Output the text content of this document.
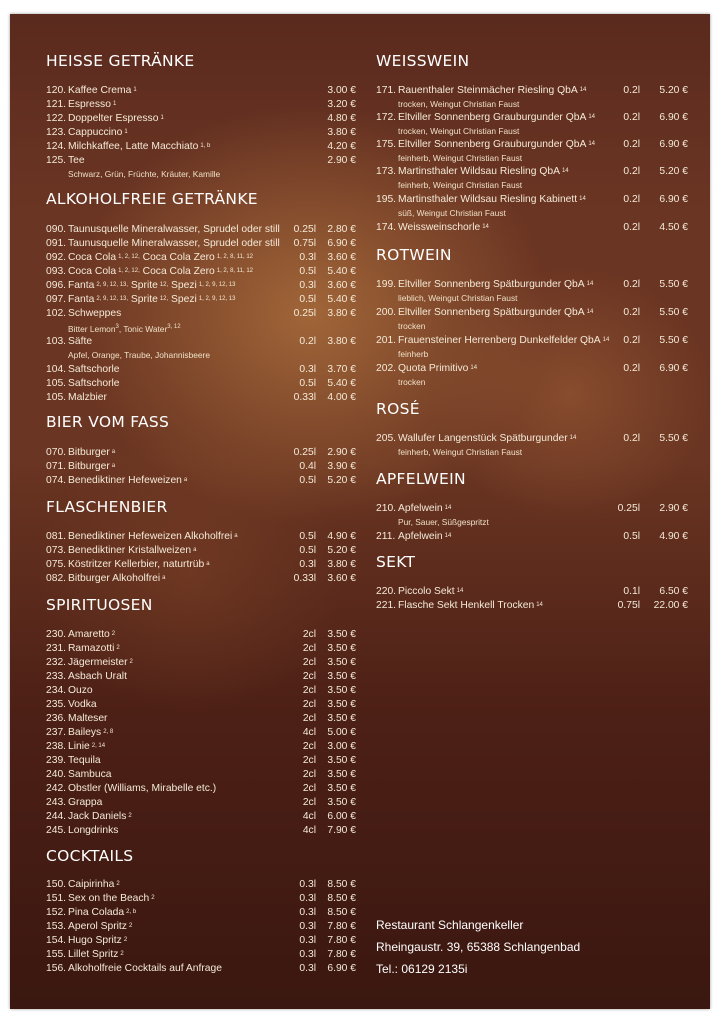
HEISSE GETRÄNKE
120. Kaffee Crema $^1$	3.00 €
121. Espresso $^1$	3.20 €
122. Doppelter Espresso $^1$	4.80 €
123. Cappuccino $^1$	3.80 €
124. Milchkaffee, Latte Macchiato $^{1, b}$	4.20 €
125. Tee	2.90 €
Schwarz, Grün, Früchte, Kräuter, Kamille
ALKOHOLFREIE GETRÄNKE
090. Taunusquelle Mineralwasser, Sprudel oder still	0.25l	2.80 €
091. Taunusquelle Mineralwasser, Sprudel oder still	0.75l	6.90 €
092. Coca Cola $^{1, 2, 12,}$ Coca Cola Zero $^{1, 2, 8, 11, 12}$	0.3l	3.60 €
093. Coca Cola $^{1, 2, 12,}$ Coca Cola Zero $^{1, 2, 8, 11, 12}$	0.5l	5.40 €
096. Fanta $^{2, 9, 12, 13,}$ Sprite $^{12,}$ Spezi $^{1, 2, 9, 12, 13}$	0.3l	3.60 €
097. Fanta $^{2, 9, 12, 13,}$ Sprite $^{12,}$ Spezi $^{1, 2, 9, 12, 13}$	0.5l	5.40 €
102. Schweppes	0.25l	3.80 €
Bitter Lemon$^3$, Tonic Water$^{3, 12}$
103. Säfte	0.2l	3.80 €
Apfel, Orange, Traube, Johannisbeere
104. Saftschorle	0.3l	3.70 €
105. Saftschorle	0.5l	5.40 €
105. Malzbier	0.33l	4.00 €
BIER VOM FASS
070. Bitburger $^a$	0.25l	2.90 €
071. Bitburger $^a$	0.4l	3.90 €
074. Benediktiner Hefeweizen $^a$	0.5l	5.20 €
FLASCHENBIER
081. Benediktiner Hefeweizen Alkoholfrei $^a$	0.5l	4.90 €
073. Benediktiner Kristallweizen $^a$	0.5l	5.20 €
075. Köstritzer Kellerbier, naturtrüb $^a$	0.3l	3.80 €
082. Bitburger Alkoholfrei $^a$	0.33l	3.60 €
SPIRITUOSEN
230. Amaretto $^2$	2cl	3.50 €
231. Ramazotti $^2$	2cl	3.50 €
232. Jägermeister $^2$	2cl	3.50 €
233. Asbach Uralt	2cl	3.50 €
234. Ouzo	2cl	3.50 €
235. Vodka	2cl	3.50 €
236. Malteser	2cl	3.50 €
237. Baileys $^{2, 8}$	4cl	5.00 €
238. Linie $^{2, 14}$	2cl	3.00 €
239. Tequila	2cl	3.50 €
240. Sambuca	2cl	3.50 €
242. Obstler (Williams, Mirabelle etc.)	2cl	3.50 €
243. Grappa	2cl	3.50 €
244. Jack Daniels $^2$	4cl	6.00 €
245. Longdrinks	4cl	7.90 €
COCKTAILS
150. Caipirinha $^2$	0.3l	8.50 €
151. Sex on the Beach $^2$	0.3l	8.50 €
152. Pina Colada $^{2, b}$	0.3l	8.50 €
153. Aperol Spritz $^2$	0.3l	7.80 €
154. Hugo Spritz $^2$	0.3l	7.80 €
155. Lillet Spritz $^2$	0.3l	7.80 €
156. Alkoholfreie Cocktails auf Anfrage	0.3l	6.90 €
WEISSWEIN
171. Rauenthaler Steinmächer Riesling QbA $^{14}$	0.2l	5.20 €
trocken, Weingut Christian Faust
172. Eltviller Sonnenberg Grauburgunder QbA $^{14}$	0.2l	6.90 €
trocken, Weingut Christian Faust
175. Eltviller Sonnenberg Grauburgunder QbA $^{14}$	0.2l	6.90 €
feinherb, Weingut Christian Faust
173. Martinsthaler Wildsau Riesling QbA $^{14}$	0.2l	5.20 €
feinherb, Weingut Christian Faust
195. Martinsthaler Wildsau Riesling Kabinett $^{14}$	0.2l	6.90 €
süß, Weingut Christian Faust
174. Weissweinschorle $^{14}$	0.2l	4.50 €
ROTWEIN
199. Eltviller Sonnenberg Spätburgunder QbA $^{14}$	0.2l	5.50 €
lieblich, Weingut Christian Faust
200. Eltviller Sonnenberg Spätburgunder QbA $^{14}$	0.2l	5.50 €
trocken
201. Frauensteiner Herrenberg Dunkelfelder QbA $^{14}$	0.2l	5.50 €
feinherb
202. Quota Primitivo $^{14}$	0.2l	6.90 €
trocken
ROSÉ
205. Wallufer Langenstück Spätburgunder $^{14}$	0.2l	5.50 €
feinherb, Weingut Christian Faust
APFELWEIN
210. Apfelwein $^{14}$	0.25l	2.90 €
Pur, Sauer, Süßgespritzt
211. Apfelwein $^{14}$	0.5l	4.90 €
SEKT
220. Piccolo Sekt $^{14}$	0.1l	6.50 €
221. Flasche Sekt Henkell Trocken $^{14}$	0.75l	22.00 €
Restaurant Schlangenkeller
Rheingaustr. 39, 65388 Schlangenbad
Tel.: 06129 2135i
